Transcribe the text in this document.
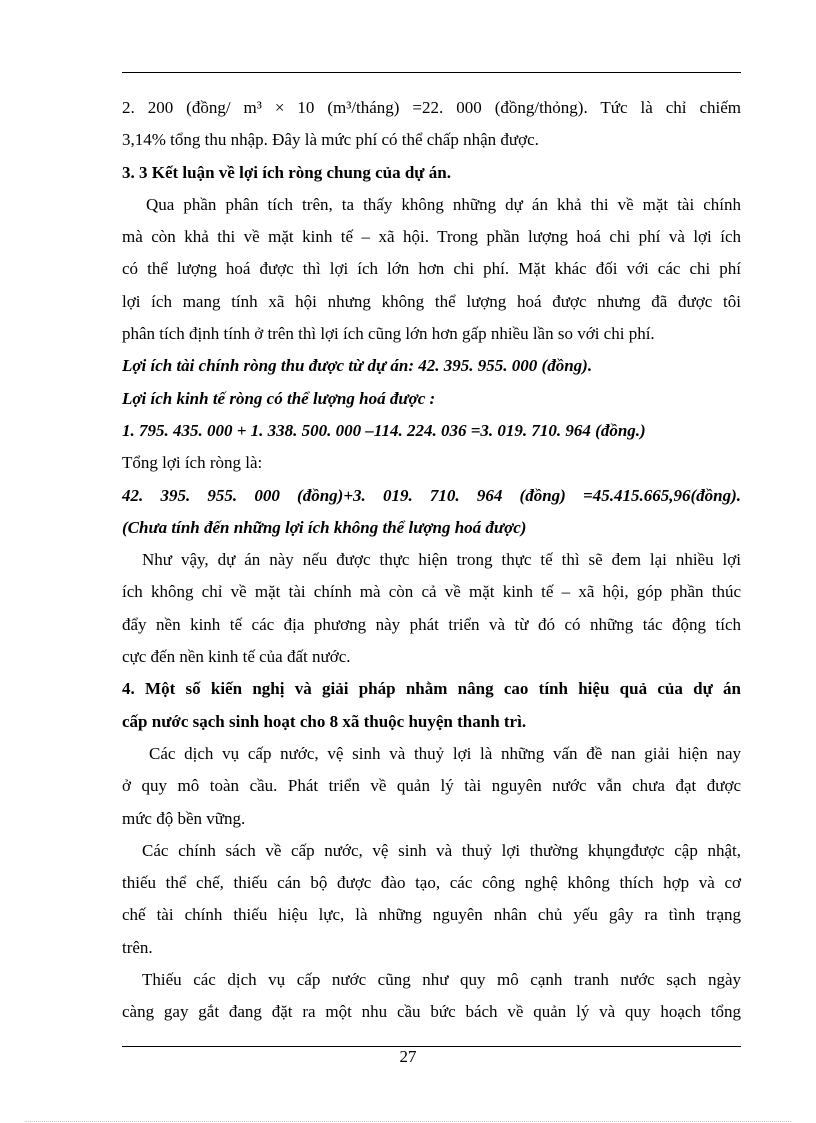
2. 200 (đồng/ m³ × 10 (m³/tháng) =22. 000 (đồng/thỏng). Tức là chỉ chiếm
3,14% tổng thu nhập. Đây là mức phí có thể chấp nhận được.
3. 3 Kết luận về lợi ích ròng chung của dự án.
Qua phần phân tích trên, ta thấy không những dự án khả thi về mặt tài chính
mà còn khả thi về mặt kinh tế – xã hội. Trong phần lượng hoá chi phí và lợi ích
có thể lượng hoá được thì lợi ích lớn hơn chi phí. Mặt khác đối với các chi phí
lợi ích mang tính xã hội nhưng không thể lượng hoá được nhưng đã được tôi
phân tích định tính ở trên thì lợi ích cũng lớn hơn gấp nhiều lần so với chi phí.
Lợi ích tài chính ròng thu được từ dự án: 42. 395. 955. 000 (đồng).
Lợi ích kinh tế ròng có thể lượng hoá được :
1. 795. 435. 000 + 1. 338. 500. 000 –114. 224. 036 =3. 019. 710. 964 (đồng.)
Tổng lợi ích ròng là:
42. 395. 955. 000 (đồng)+3. 019. 710. 964 (đồng) =45.415.665,96(đồng).
(Chưa tính đến những lợi ích không thể lượng hoá được)
Như vậy, dự án này nếu được thực hiện trong thực tế thì sẽ đem lại nhiều lợi
ích không chỉ về mặt tài chính mà còn cả về mặt kinh tế – xã hội, góp phần thúc
đẩy nền kinh tế các địa phương này phát triển và từ đó có những tác động tích
cực đến nền kinh tế của đất nước.
4. Một số kiến nghị và giải pháp nhằm nâng cao tính hiệu quả của dự án
cấp nước sạch sinh hoạt cho 8 xã thuộc huyện thanh trì.
Các dịch vụ cấp nước, vệ sinh và thuỷ lợi là những vấn đề nan giải hiện nay
ở quy mô toàn cầu. Phát triển về quản lý tài nguyên nước vẫn chưa đạt được
mức độ bền vững.
Các chính sách về cấp nước, vệ sinh và thuỷ lợi thường khụngđược cập nhật,
thiếu thể chế, thiếu cán bộ được đào tạo, các công nghệ không thích hợp và cơ
chế tài chính thiếu hiệu lực, là những nguyên nhân chủ yếu gây ra tình trạng
trên.
Thiếu các dịch vụ cấp nước cũng như quy mô cạnh tranh nước sạch ngày
càng gay gắt đang đặt ra một nhu cầu bức bách về quản lý và quy hoạch tổng
27
